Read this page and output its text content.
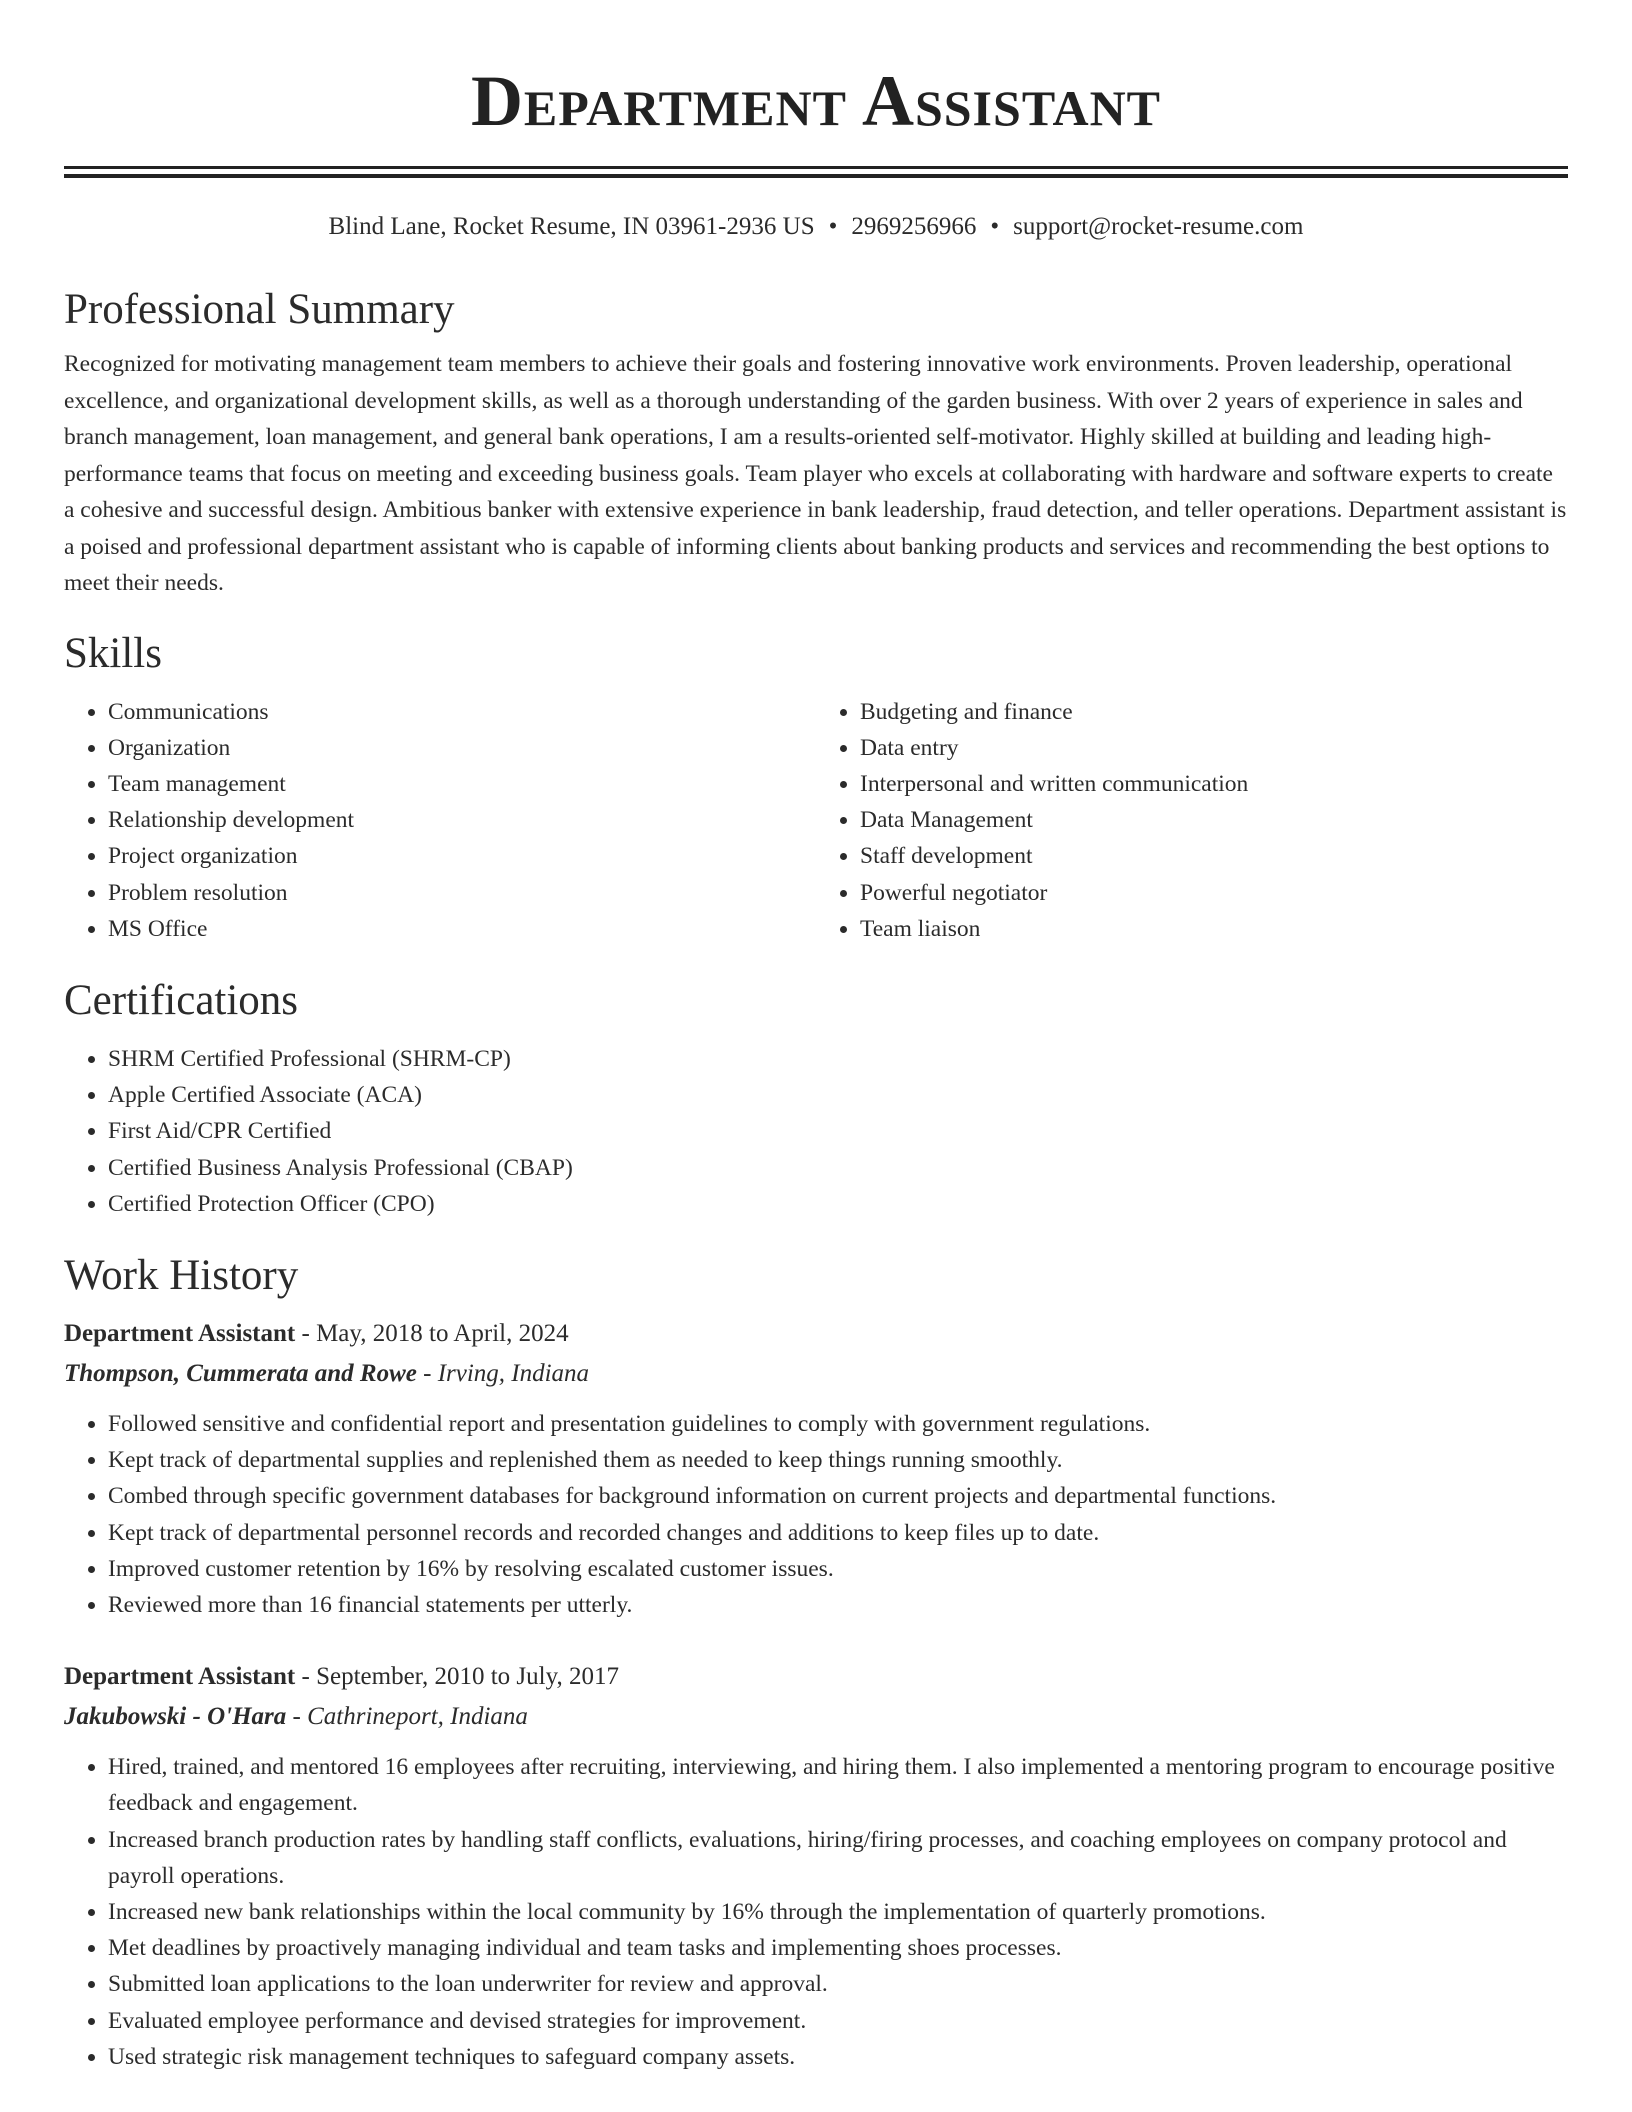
Department Assistant
Blind Lane, Rocket Resume, IN 03961-2936 US • 2969256966 • support@rocket-resume.com
Professional Summary
Recognized for motivating management team members to achieve their goals and fostering innovative work environments. Proven leadership, operational excellence, and organizational development skills, as well as a thorough understanding of the garden business. With over 2 years of experience in sales and branch management, loan management, and general bank operations, I am a results-oriented self-motivator. Highly skilled at building and leading high-performance teams that focus on meeting and exceeding business goals. Team player who excels at collaborating with hardware and software experts to create a cohesive and successful design. Ambitious banker with extensive experience in bank leadership, fraud detection, and teller operations. Department assistant is a poised and professional department assistant who is capable of informing clients about banking products and services and recommending the best options to meet their needs.
Skills
• Communications
• Organization
• Team management
• Relationship development
• Project organization
• Problem resolution
• MS Office
• Budgeting and finance
• Data entry
• Interpersonal and written communication
• Data Management
• Staff development
• Powerful negotiator
• Team liaison
Certifications
• SHRM Certified Professional (SHRM-CP)
• Apple Certified Associate (ACA)
• First Aid/CPR Certified
• Certified Business Analysis Professional (CBAP)
• Certified Protection Officer (CPO)
Work History
Department Assistant - May, 2018 to April, 2024
Thompson, Cummerata and Rowe - Irving, Indiana
• Followed sensitive and confidential report and presentation guidelines to comply with government regulations.
• Kept track of departmental supplies and replenished them as needed to keep things running smoothly.
• Combed through specific government databases for background information on current projects and departmental functions.
• Kept track of departmental personnel records and recorded changes and additions to keep files up to date.
• Improved customer retention by 16% by resolving escalated customer issues.
• Reviewed more than 16 financial statements per utterly.
Department Assistant - September, 2010 to July, 2017
Jakubowski - O'Hara - Cathrineport, Indiana
• Hired, trained, and mentored 16 employees after recruiting, interviewing, and hiring them. I also implemented a mentoring program to encourage positive feedback and engagement.
• Increased branch production rates by handling staff conflicts, evaluations, hiring/firing processes, and coaching employees on company protocol and payroll operations.
• Increased new bank relationships within the local community by 16% through the implementation of quarterly promotions.
• Met deadlines by proactively managing individual and team tasks and implementing shoes processes.
• Submitted loan applications to the loan underwriter for review and approval.
• Evaluated employee performance and devised strategies for improvement.
• Used strategic risk management techniques to safeguard company assets.
